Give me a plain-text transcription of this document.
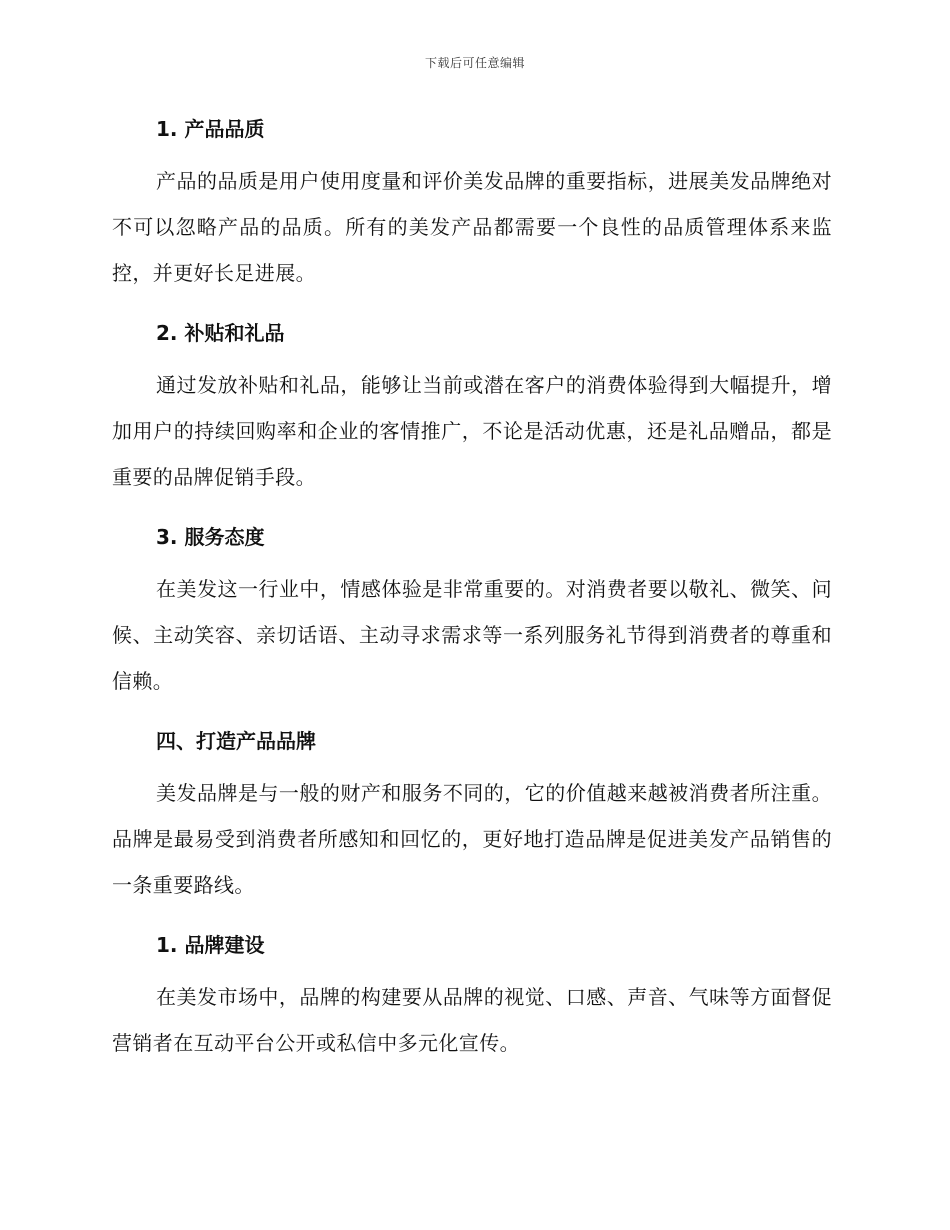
下载后可任意编辑
1. 产品品质

产品的品质是用户使用度量和评价美发品牌的重要指标，进展美发品牌绝对不可以忽略产品的品质。所有的美发产品都需要一个良性的品质管理体系来监控，并更好长足进展。

2. 补贴和礼品

通过发放补贴和礼品，能够让当前或潜在客户的消费体验得到大幅提升，增加用户的持续回购率和企业的客情推广，不论是活动优惠，还是礼品赠品，都是重要的品牌促销手段。

3. 服务态度

在美发这一行业中，情感体验是非常重要的。对消费者要以敬礼、微笑、问候、主动笑容、亲切话语、主动寻求需求等一系列服务礼节得到消费者的尊重和信赖。

四、打造产品品牌

美发品牌是与一般的财产和服务不同的，它的价值越来越被消费者所注重。品牌是最易受到消费者所感知和回忆的，更好地打造品牌是促进美发产品销售的一条重要路线。

1. 品牌建设

在美发市场中，品牌的构建要从品牌的视觉、口感、声音、气味等方面督促营销者在互动平台公开或私信中多元化宣传。
